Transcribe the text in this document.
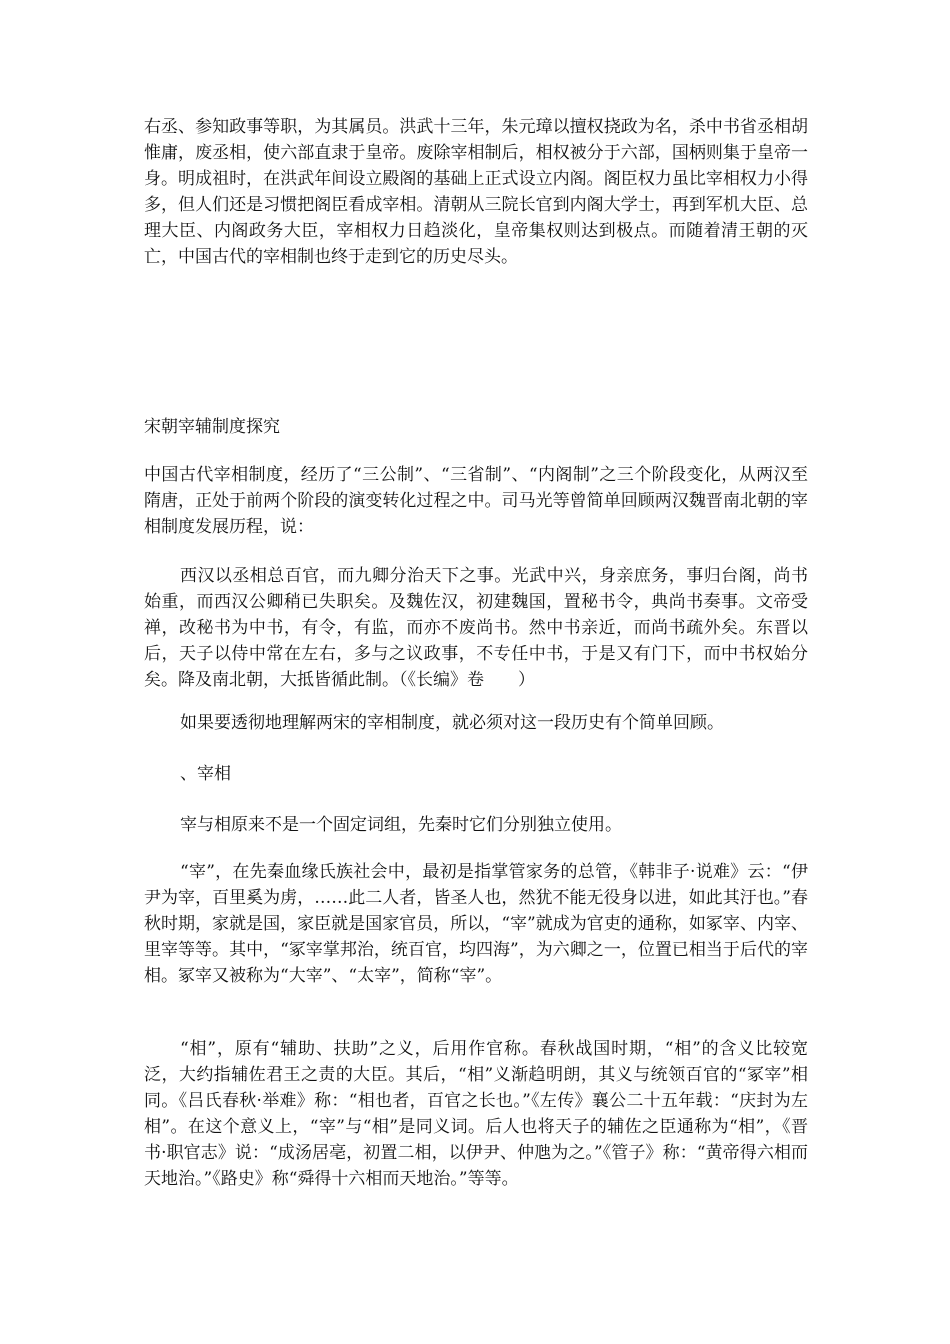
右丞、参知政事等职，为其属员。洪武十三年，朱元璋以擅权挠政为名，杀中书省丞相胡惟庸，废丞相，使六部直隶于皇帝。废除宰相制后，相权被分于六部，国柄则集于皇帝一身。明成祖时，在洪武年间设立殿阁的基础上正式设立内阁。阁臣权力虽比宰相权力小得多，但人们还是习惯把阁臣看成宰相。清朝从三院长官到内阁大学士，再到军机大臣、总理大臣、内阁政务大臣，宰相权力日趋淡化，皇帝集权则达到极点。而随着清王朝的灭亡，中国古代的宰相制也终于走到它的历史尽头。

宋朝宰辅制度探究

中国古代宰相制度，经历了“三公制”、“三省制”、“内阁制”之三个阶段变化，从两汉至隋唐，正处于前两个阶段的演变转化过程之中。司马光等曾简单回顾两汉魏晋南北朝的宰相制度发展历程，说：

西汉以丞相总百官，而九卿分治天下之事。光武中兴，身亲庶务，事归台阁，尚书始重，而西汉公卿稍已失职矣。及魏佐汉，初建魏国，置秘书令，典尚书奏事。文帝受禅，改秘书为中书，有令，有监，而亦不废尚书。然中书亲近，而尚书疏外矣。东晋以后，天子以侍中常在左右，多与之议政事，不专任中书，于是又有门下，而中书权始分矣。降及南北朝，大抵皆循此制。（《长编》卷　　）

如果要透彻地理解两宋的宰相制度，就必须对这一段历史有个简单回顾。

、宰相

宰与相原来不是一个固定词组，先秦时它们分别独立使用。

“宰”，在先秦血缘氏族社会中，最初是指掌管家务的总管，《韩非子·说难》云：“伊尹为宰，百里奚为虏，……此二人者，皆圣人也，然犹不能无役身以进，如此其汙也。”春秋时期，家就是国，家臣就是国家官员，所以，“宰”就成为官吏的通称，如冢宰、内宰、里宰等等。其中，“冢宰掌邦治，统百官，均四海”，为六卿之一，位置已相当于后代的宰相。冢宰又被称为“大宰”、“太宰”，简称“宰”。

“相”，原有“辅助、扶助”之义，后用作官称。春秋战国时期，“相”的含义比较宽泛，大约指辅佐君王之责的大臣。其后，“相”义渐趋明朗，其义与统领百官的“冢宰”相同。《吕氏春秋·举难》称：“相也者，百官之长也。”《左传》襄公二十五年载：“庆封为左相”。在这个意义上，“宰”与“相”是同义词。后人也将天子的辅佐之臣通称为“相”，《晋书·职官志》说：“成汤居亳，初置二相，以伊尹、仲虺为之。”《管子》称：“黄帝得六相而天地治。”《路史》称“舜得十六相而天地治。”等等。
